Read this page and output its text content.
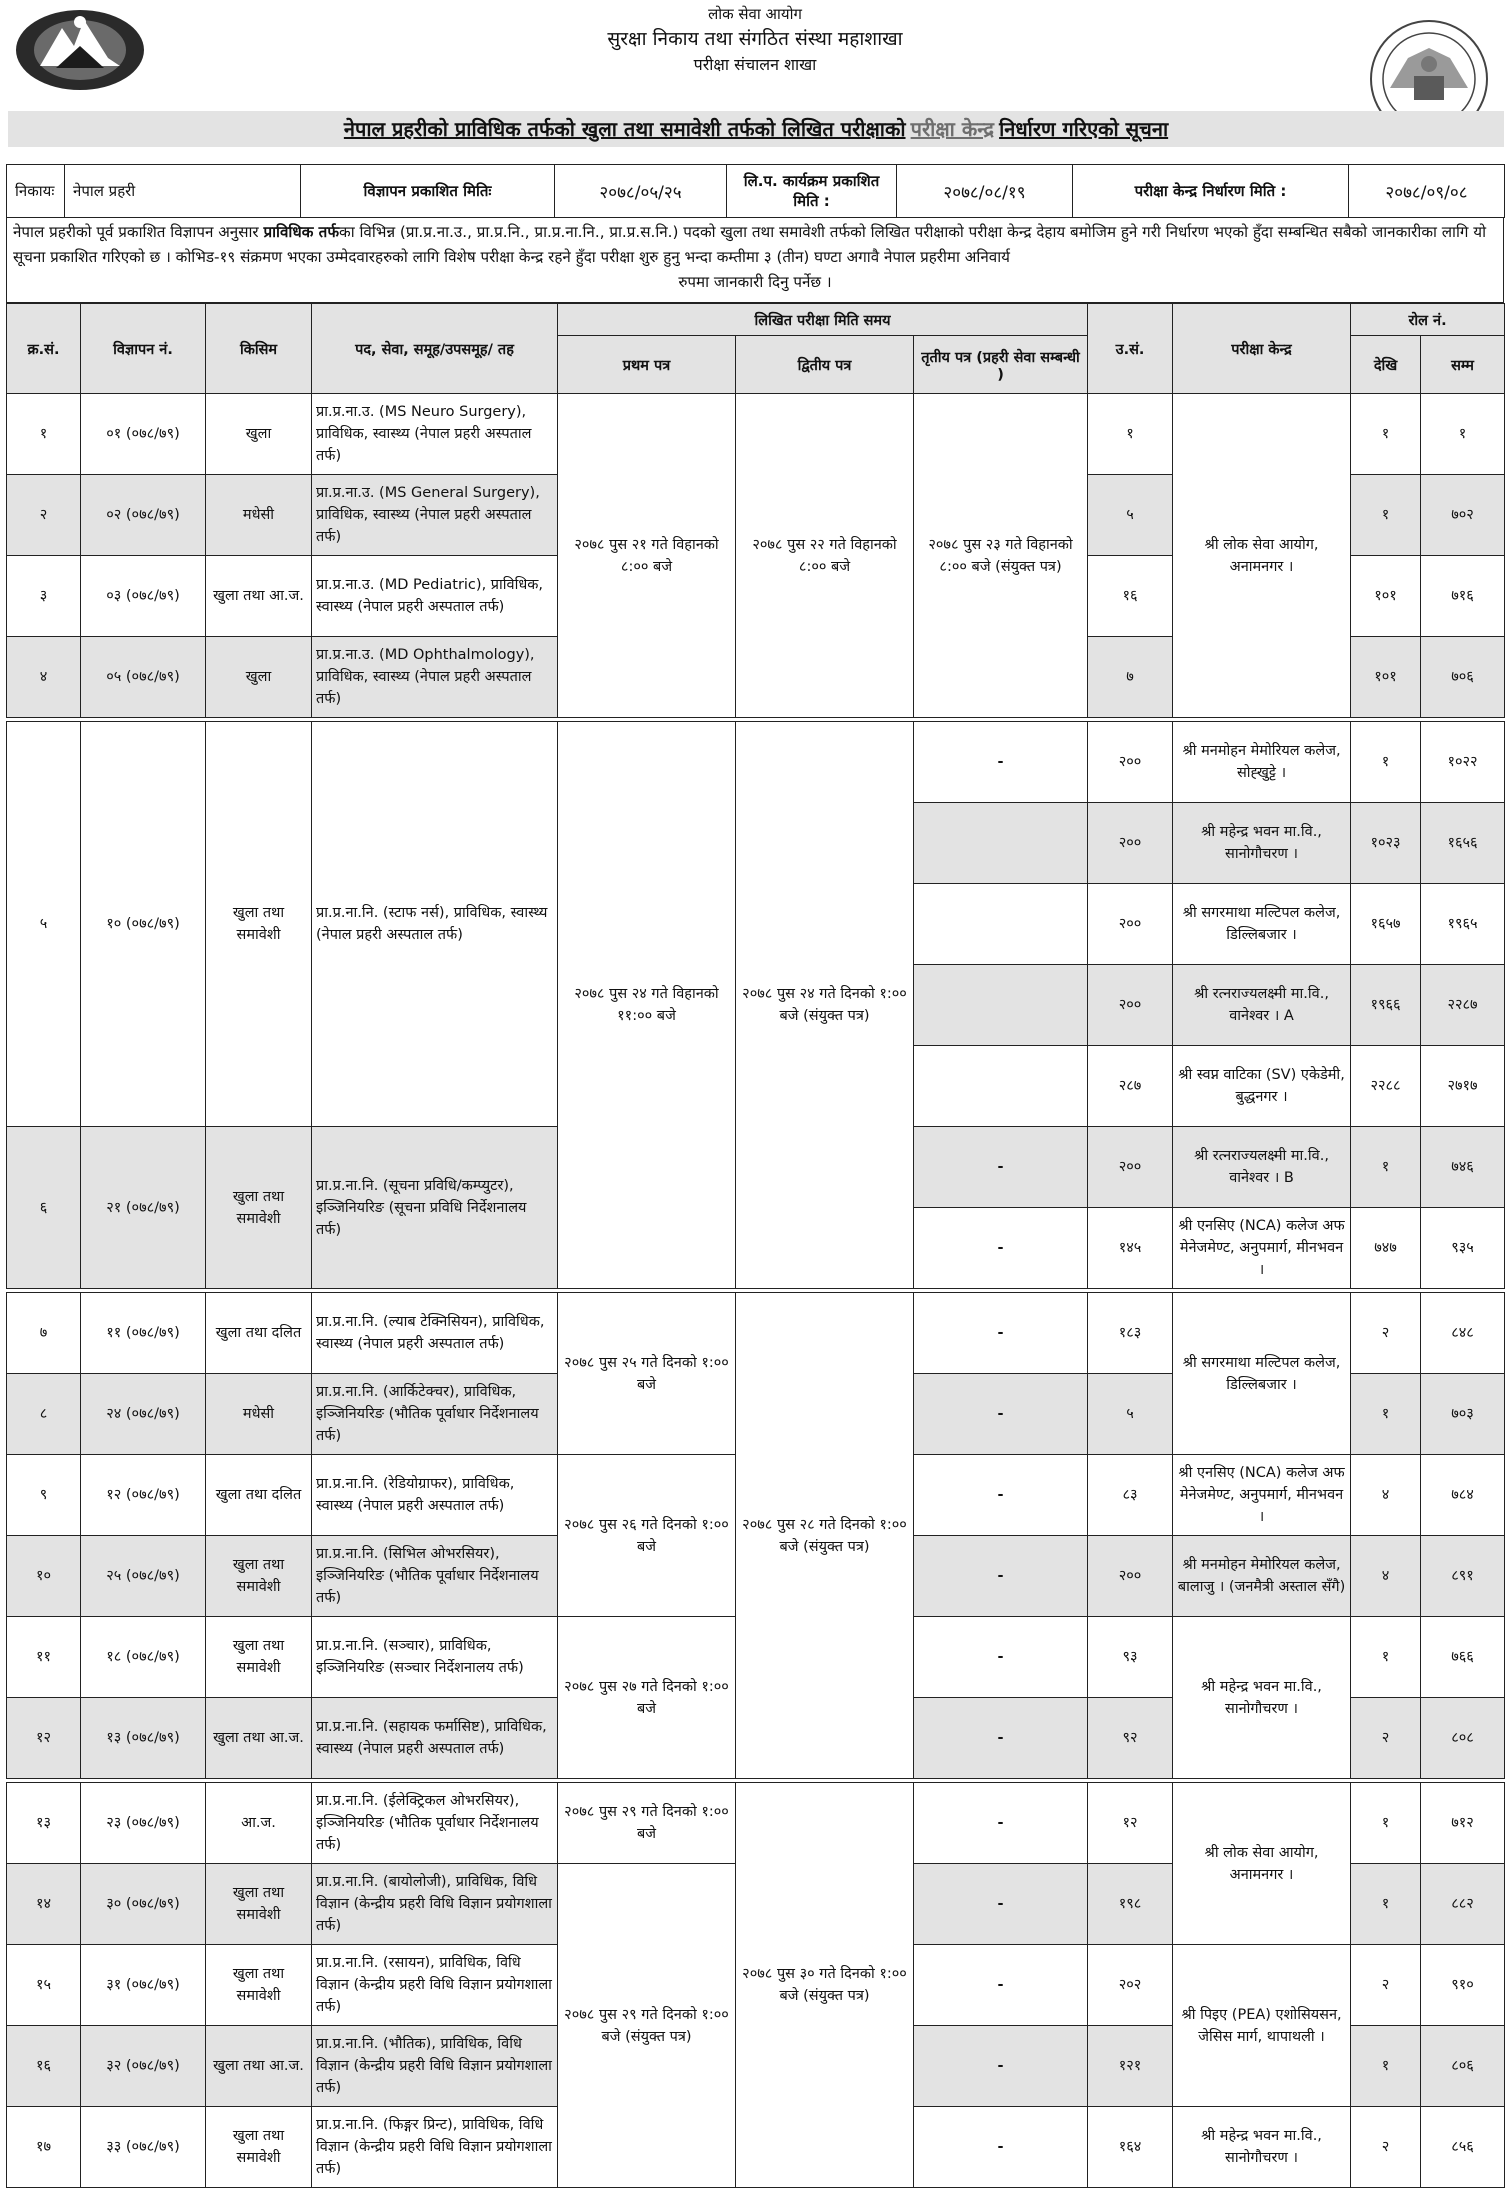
लोक सेवा आयोग
सुरक्षा निकाय तथा संगठित संस्था महाशाखा
परीक्षा संचालन शाखा
नेपाल प्रहरीको प्राविधिक तर्फको खुला तथा समावेशी तर्फको लिखित परीक्षाको परीक्षा केन्द्र निर्धारण गरिएको सूचना
निकायः	नेपाल प्रहरी	विज्ञापन प्रकाशित मितिः	२०७८/०५/२५	लि.प. कार्यक्रम प्रकाशित मिति :	२०७८/०८/१९	परीक्षा केन्द्र निर्धारण मिति :	२०७८/०९/०८
नेपाल प्रहरीको पूर्व प्रकाशित विज्ञापन अनुसार प्राविधिक तर्फका विभिन्न (प्रा.प्र.ना.उ., प्रा.प्र.नि., प्रा.प्र.ना.नि., प्रा.प्र.स.नि.) पदको खुला तथा समावेशी तर्फको लिखित परीक्षाको परीक्षा केन्द्र देहाय बमोजिम हुने गरी निर्धारण भएको हुँदा सम्बन्धित सबैको जानकारीका लागि यो सूचना प्रकाशित गरिएको छ । कोभिड-१९ संक्रमण भएका उम्मेदवारहरुको लागि विशेष परीक्षा केन्द्र रहने हुँदा परीक्षा शुरु हुनु भन्दा कम्तीमा ३ (तीन) घण्टा अगावै नेपाल प्रहरीमा अनिवार्य
रुपमा जानकारी दिनु पर्नेछ ।
क्र.सं.	विज्ञापन नं.	किसिम	पद, सेवा, समूह/उपसमूह/ तह	लिखित परीक्षा मिति समय			उ.सं.	परीक्षा केन्द्र	रोल नं.	
				प्रथम पत्र	द्वितीय पत्र	तृतीय पत्र (प्रहरी सेवा सम्बन्धी )			देखि	सम्म
१	०१ (०७८/७९)	खुला	प्रा.प्र.ना.उ. (MS Neuro Surgery), प्राविधिक, स्वास्थ्य (नेपाल प्रहरी अस्पताल तर्फ)	२०७८ पुस २१ गते विहानको ८:०० बजे	२०७८ पुस २२ गते विहानको ८:०० बजे	२०७८ पुस २३ गते विहानको ८:०० बजे (संयुक्त पत्र)	१	श्री लोक सेवा आयोग, अनामनगर ।	१	१
२	०२ (०७८/७९)	मधेसी	प्रा.प्र.ना.उ. (MS General Surgery), प्राविधिक, स्वास्थ्य (नेपाल प्रहरी अस्पताल तर्फ)				५		१	७०२
३	०३ (०७८/७९)	खुला तथा आ.ज.	प्रा.प्र.ना.उ. (MD Pediatric), प्राविधिक, स्वास्थ्य (नेपाल प्रहरी अस्पताल तर्फ)				१६		१०१	७१६
४	०५ (०७८/७९)	खुला	प्रा.प्र.ना.उ. (MD Ophthalmology), प्राविधिक, स्वास्थ्य (नेपाल प्रहरी अस्पताल तर्फ)				७		१०१	७०६

५	१० (०७८/७९)	खुला तथा समावेशी	प्रा.प्र.ना.नि. (स्टाफ नर्स), प्राविधिक, स्वास्थ्य (नेपाल प्रहरी अस्पताल तर्फ)	२०७८ पुस २४ गते विहानको ११:०० बजे	२०७८ पुस २४ गते दिनको १:०० बजे (संयुक्त पत्र)	-	२००	श्री मनमोहन मेमोरियल कलेज, सोह्खुट्टे ।	१	१०२२
							२००	श्री महेन्द्र भवन मा.वि., सानोगौचरण ।	१०२३	१६५६
							२००	श्री सगरमाथा मल्टिपल कलेज, डिल्लिबजार ।	१६५७	१९६५
							२००	श्री रत्नराज्यलक्ष्मी मा.वि., वानेश्वर । A	१९६६	२२८७
							२८७	श्री स्वप्न वाटिका (SV) एकेडेमी, बुद्धनगर ।	२२८८	२७१७
६	२१ (०७८/७९)	खुला तथा समावेशी	प्रा.प्र.ना.नि. (सूचना प्रविधि/कम्प्युटर), इञ्जिनियरिङ (सूचना प्रविधि निर्देशनालय तर्फ)			-	२००	श्री रत्नराज्यलक्ष्मी मा.वि., वानेश्वर । B	१	७४६
						-	१४५	श्री एनसिए (NCA) कलेज अफ मेनेजमेण्ट, अनुपमार्ग, मीनभवन ।	७४७	९३५

७	११ (०७८/७९)	खुला तथा दलित	प्रा.प्र.ना.नि. (ल्याब टेक्निसियन), प्राविधिक, स्वास्थ्य (नेपाल प्रहरी अस्पताल तर्फ)	२०७८ पुस २५ गते दिनको १:०० बजे	२०७८ पुस २८ गते दिनको १:०० बजे (संयुक्त पत्र)	-	१८३	श्री सगरमाथा मल्टिपल कलेज, डिल्लिबजार ।	२	८४८
८	२४ (०७८/७९)	मधेसी	प्रा.प्र.ना.नि. (आर्किटेक्चर), प्राविधिक, इञ्जिनियरिङ (भौतिक पूर्वाधार निर्देशनालय तर्फ)			-	५		१	७०३
९	१२ (०७८/७९)	खुला तथा दलित	प्रा.प्र.ना.नि. (रेडियोग्राफर), प्राविधिक, स्वास्थ्य (नेपाल प्रहरी अस्पताल तर्फ)	२०७८ पुस २६ गते दिनको १:०० बजे		-	८३	श्री एनसिए (NCA) कलेज अफ मेनेजमेण्ट, अनुपमार्ग, मीनभवन ।	४	७८४
१०	२५ (०७८/७९)	खुला तथा समावेशी	प्रा.प्र.ना.नि. (सिभिल ओभरसियर), इञ्जिनियरिङ (भौतिक पूर्वाधार निर्देशनालय तर्फ)			-	२००	श्री मनमोहन मेमोरियल कलेज, बालाजु । (जनमैत्री अस्ताल सँगै)	४	८९१
११	१८ (०७८/७९)	खुला तथा समावेशी	प्रा.प्र.ना.नि. (सञ्चार), प्राविधिक, इञ्जिनियरिङ (सञ्चार निर्देशनालय तर्फ)	२०७८ पुस २७ गते दिनको १:०० बजे		-	९३	श्री महेन्द्र भवन मा.वि., सानोगौचरण ।	१	७६६
१२	१३ (०७८/७९)	खुला तथा आ.ज.	प्रा.प्र.ना.नि. (सहायक फर्मासिष्ट), प्राविधिक, स्वास्थ्य (नेपाल प्रहरी अस्पताल तर्फ)			-	९२		२	८०८

१३	२३ (०७८/७९)	आ.ज.	प्रा.प्र.ना.नि. (ईलेक्ट्रिकल ओभरसियर), इञ्जिनियरिङ (भौतिक पूर्वाधार निर्देशनालय तर्फ)	२०७८ पुस २९ गते दिनको १:०० बजे	२०७८ पुस ३० गते दिनको १:०० बजे (संयुक्त पत्र)	-	१२	श्री लोक सेवा आयोग, अनामनगर ।	१	७१२
१४	३० (०७८/७९)	खुला तथा समावेशी	प्रा.प्र.ना.नि. (बायोलोजी), प्राविधिक, विधि विज्ञान (केन्द्रीय प्रहरी विधि विज्ञान प्रयोगशाला तर्फ)	२०७८ पुस २९ गते दिनको १:०० बजे (संयुक्त पत्र)		-	१९८		१	८८२
१५	३१ (०७८/७९)	खुला तथा समावेशी	प्रा.प्र.ना.नि. (रसायन), प्राविधिक, विधि विज्ञान (केन्द्रीय प्रहरी विधि विज्ञान प्रयोगशाला तर्फ)			-	२०२	श्री पिइए (PEA) एशोसियसन, जेसिस मार्ग, थापाथली ।	२	९१०
१६	३२ (०७८/७९)	खुला तथा आ.ज.	प्रा.प्र.ना.नि. (भौतिक), प्राविधिक, विधि विज्ञान (केन्द्रीय प्रहरी विधि विज्ञान प्रयोगशाला तर्फ)			-	१२१		१	८०६
१७	३३ (०७८/७९)	खुला तथा समावेशी	प्रा.प्र.ना.नि. (फिङ्गर प्रिन्ट), प्राविधिक, विधि विज्ञान (केन्द्रीय प्रहरी विधि विज्ञान प्रयोगशाला तर्फ)			-	१६४	श्री महेन्द्र भवन मा.वि., सानोगौचरण ।	२	८५६
